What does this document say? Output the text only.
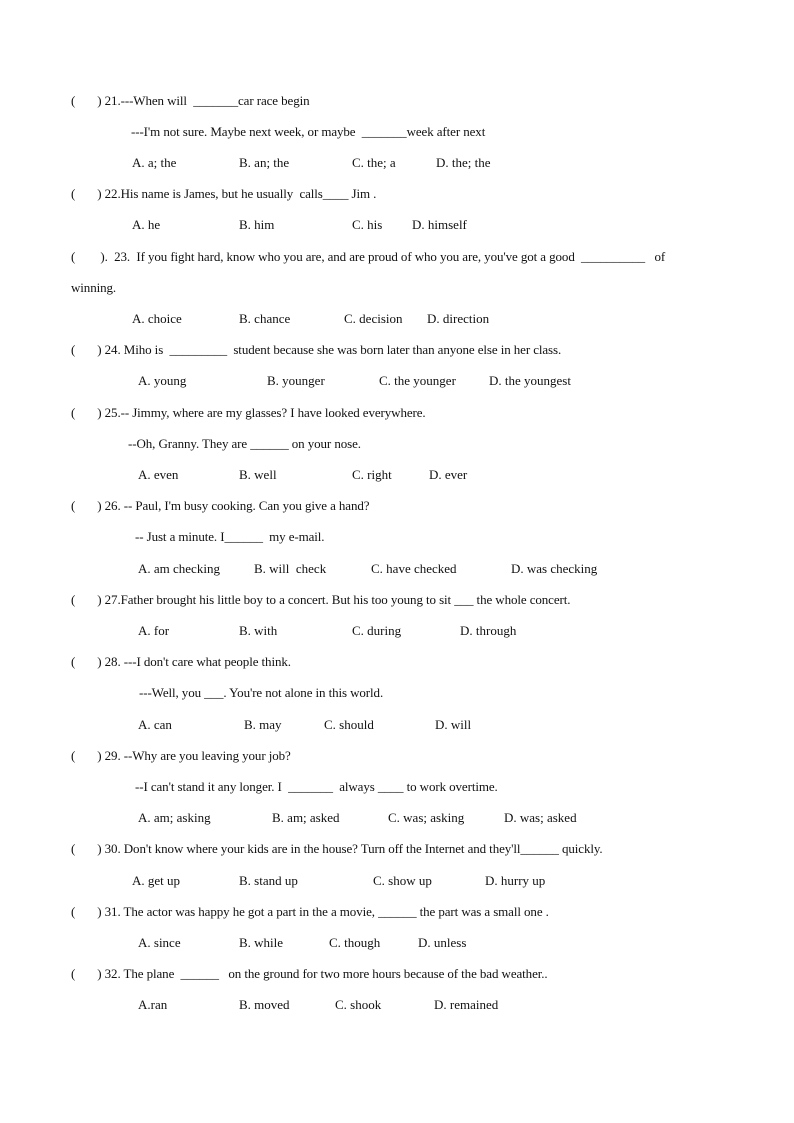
(       ) 21.---When will  _______car race begin
---I'm not sure. Maybe next week, or maybe  _______week after next
A. a; the	B. an; the	C. the; a	D. the; the
(       ) 22.His name is James, but he usually  calls____ Jim .
A. he	B. him	C. his D. himself
(        ).  23.  If you fight hard, know who you are, and are proud of who you are, you've got a good  __________   of
winning.
A. choice	B. chance	C. decision D. direction
(       ) 24. Miho is  _________  student because she was born later than anyone else in her class.
A. young	B. younger	C. the younger	D. the youngest
(       ) 25.-- Jimmy, where are my glasses? I have looked everywhere.
--Oh, Granny. They are ______ on your nose.
A. even	B. well	C. right	D. ever
(       ) 26. -- Paul, I'm busy cooking. Can you give a hand?
-- Just a minute. I______  my e-mail.
A. am checking	B. will  check	C. have checked	D. was checking
(       ) 27.Father brought his little boy to a concert. But his too young to sit ___ the whole concert.
A. for	B. with	C. during	D. through
(       ) 28. ---I don't care what people think.
---Well, you ___. You're not alone in this world.
A. can	B. may	C. should	D. will
(       ) 29. --Why are you leaving your job?
--I can't stand it any longer. I  _______  always ____ to work overtime.
A. am; asking	B. am; asked	C. was; asking	D. was; asked
(       ) 30. Don't know where your kids are in the house? Turn off the Internet and they'll______ quickly.
A. get up	B. stand up	C. show up	D. hurry up
(       ) 31. The actor was happy he got a part in the a movie, ______ the part was a small one .
A. since	B. while	C. though	D. unless
(       ) 32. The plane  ______   on the ground for two more hours because of the bad weather..
A.ran	B. moved	C. shook	D. remained
